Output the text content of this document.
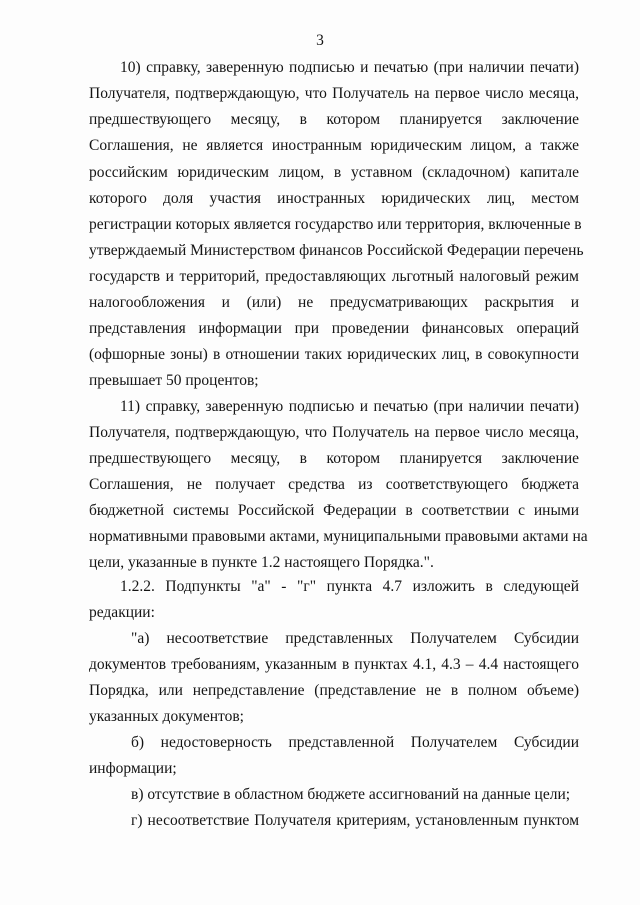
3
10) справку, заверенную подписью и печатью (при наличии печати)
Получателя, подтверждающую, что Получатель на первое число месяца,
предшествующего месяцу, в котором планируется заключение
Соглашения, не является иностранным юридическим лицом, а также
российским юридическим лицом, в уставном (складочном) капитале
которого доля участия иностранных юридических лиц, местом
регистрации которых является государство или территория, включенные в
утверждаемый Министерством финансов Российской Федерации перечень
государств и территорий, предоставляющих льготный налоговый режим
налогообложения и (или) не предусматривающих раскрытия и
представления информации при проведении финансовых операций
(офшорные зоны) в отношении таких юридических лиц, в совокупности
превышает 50 процентов;
11) справку, заверенную подписью и печатью (при наличии печати)
Получателя, подтверждающую, что Получатель на первое число месяца,
предшествующего месяцу, в котором планируется заключение
Соглашения, не получает средства из соответствующего бюджета
бюджетной системы Российской Федерации в соответствии с иными
нормативными правовыми актами, муниципальными правовыми актами на
цели, указанные в пункте 1.2 настоящего Порядка.".
1.2.2. Подпункты "а" - "г" пункта 4.7 изложить в следующей
редакции:
"а) несоответствие представленных Получателем Субсидии
документов требованиям, указанным в пунктах 4.1, 4.3 – 4.4 настоящего
Порядка, или непредставление (представление не в полном объеме)
указанных документов;
б) недостоверность представленной Получателем Субсидии
информации;
в) отсутствие в областном бюджете ассигнований на данные цели;
г) несоответствие Получателя критериям, установленным пунктом
